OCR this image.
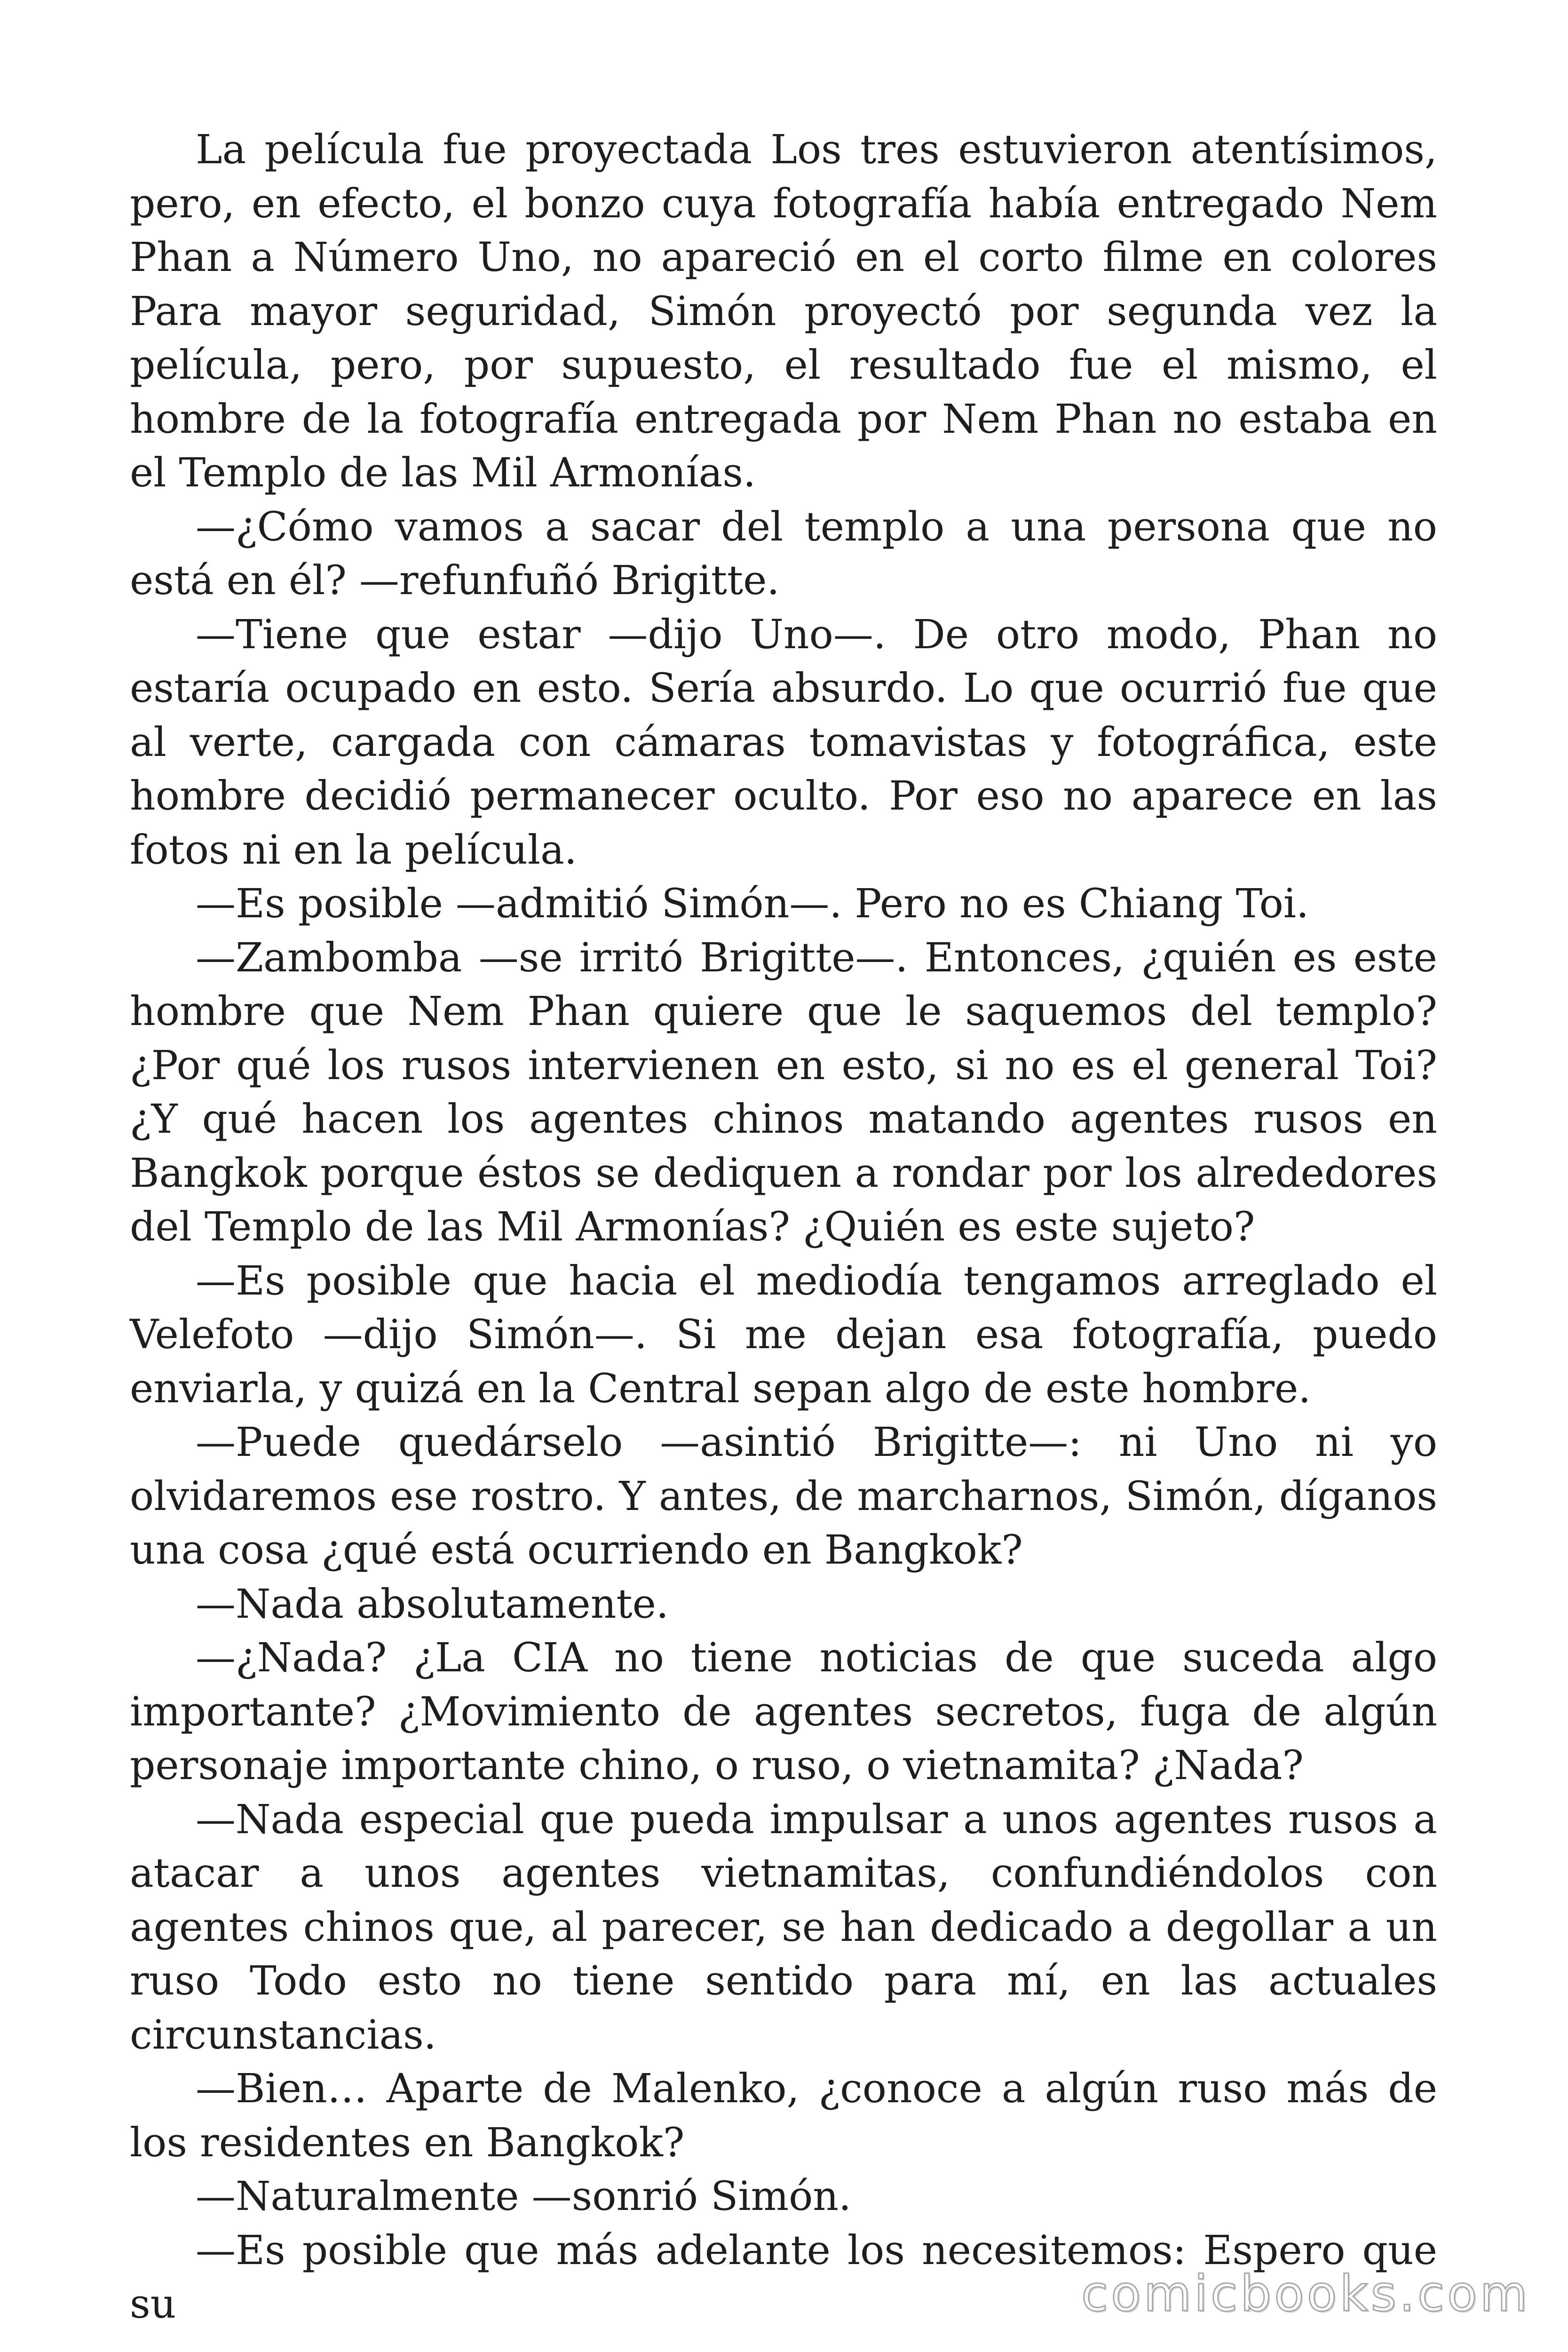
La película fue proyectada Los tres estuvieron atentísimos, pero, en efecto, el bonzo cuya fotografía había entregado Nem Phan a Número Uno, no apareció en el corto filme en colores Para mayor seguridad, Simón proyectó por segunda vez la película, pero, por supuesto, el resultado fue el mismo, el hombre de la fotografía entregada por Nem Phan no estaba en el Templo de las Mil Armonías.

—¿Cómo vamos a sacar del templo a una persona que no está en él? —refunfuñó Brigitte.

—Tiene que estar —dijo Uno—. De otro modo, Phan no estaría ocupado en esto. Sería absurdo. Lo que ocurrió fue que al verte, cargada con cámaras tomavistas y fotográfica, este hombre decidió permanecer oculto. Por eso no aparece en las fotos ni en la película.

—Es posible —admitió Simón—. Pero no es Chiang Toi.

—Zambomba —se irritó Brigitte—. Entonces, ¿quién es este hombre que Nem Phan quiere que le saquemos del templo? ¿Por qué los rusos intervienen en esto, si no es el general Toi? ¿Y qué hacen los agentes chinos matando agentes rusos en Bangkok porque éstos se dediquen a rondar por los alrededores del Templo de las Mil Armonías? ¿Quién es este sujeto?

—Es posible que hacia el mediodía tengamos arreglado el Velefoto —dijo Simón—. Si me dejan esa fotografía, puedo enviarla, y quizá en la Central sepan algo de este hombre.

—Puede quedárselo —asintió Brigitte—: ni Uno ni yo olvidaremos ese rostro. Y antes, de marcharnos, Simón, díganos una cosa ¿qué está ocurriendo en Bangkok?

—Nada absolutamente.

—¿Nada? ¿La CIA no tiene noticias de que suceda algo importante? ¿Movimiento de agentes secretos, fuga de algún personaje importante chino, o ruso, o vietnamita? ¿Nada?

—Nada especial que pueda impulsar a unos agentes rusos a atacar a unos agentes vietnamitas, confundiéndolos con agentes chinos que, al parecer, se han dedicado a degollar a un ruso Todo esto no tiene sentido para mí, en las actuales circunstancias.

—Bien… Aparte de Malenko, ¿conoce a algún ruso más de los residentes en Bangkok?

—Naturalmente —sonrió Simón.

—Es posible que más adelante los necesitemos: Espero que su	comicbooks.com
